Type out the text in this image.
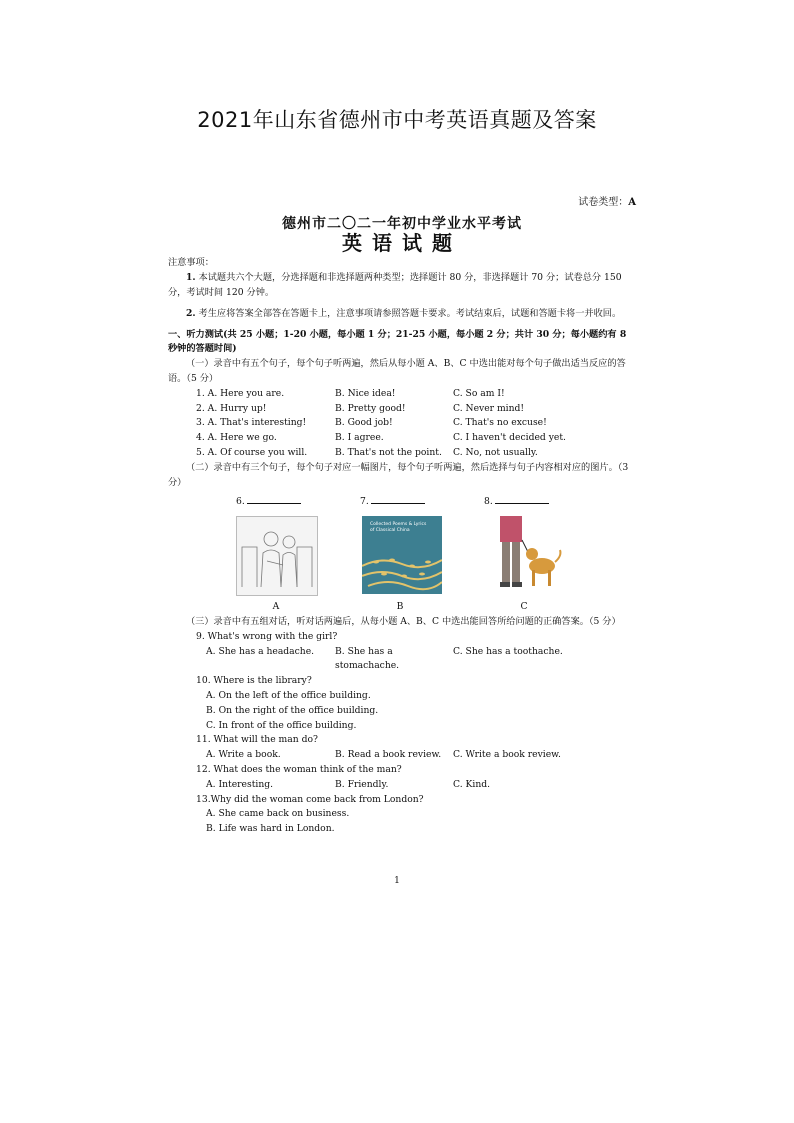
2021年山东省德州市中考英语真题及答案
试卷类型：A
德州市二〇二一年初中学业水平考试
英语试题

注意事项：

1. 本试题共六个大题，分选择题和非选择题两种类型；选择题计 80 分，非选择题计 70 分；试卷总分 150 分，考试时间 120 分钟。

2. 考生应将答案全部答在答题卡上，注意事项请参照答题卡要求。考试结束后，试题和答题卡将一并收回。

一、听力测试(共 25 小题；1-20 小题，每小题 1 分；21-25 小题，每小题 2 分；共计 30 分；每小题约有 8 秒钟的答题时间)

（一）录音中有五个句子，每个句子听两遍，然后从每小题 A、B、C 中选出能对每个句子做出适当反应的答语。（5 分）

1. A. Here you are.	B. Nice idea!	C. So am I!
2. A. Hurry up!	B. Pretty good!	C. Never mind!
3. A. That's interesting!	B. Good job!	C. That's no excuse!
4. A. Here we go.	B. I agree.	C. I haven't decided yet.
5. A. Of course you will.	B. That's not the point.	C. No, not usually.

（二）录音中有三个句子，每个句子对应一幅图片，每个句子听两遍，然后选择与句子内容相对应的图片。（3 分）

6.	7.	8.
Collected Poems & Lyrics of Classical China
A	B	C

（三）录音中有五组对话，听对话两遍后，从每小题 A、B、C 中选出能回答所给问题的正确答案。（5 分）

9. What's wrong with the girl?

A. She has a headache.	B. She has a stomachache.
C. She has a toothache.

10. Where is the library?

A. On the left of the office building.

B. On the right of the office building.

C. In front of the office building.

11. What will the man do?

A. Write a book.	B. Read a book review.	C. Write a book review.

12. What does the woman think of the man?

A. Interesting.	B. Friendly.	C. Kind.

13.Why did the woman come back from London?

A. She came back on business.

B. Life was hard in London.

1
